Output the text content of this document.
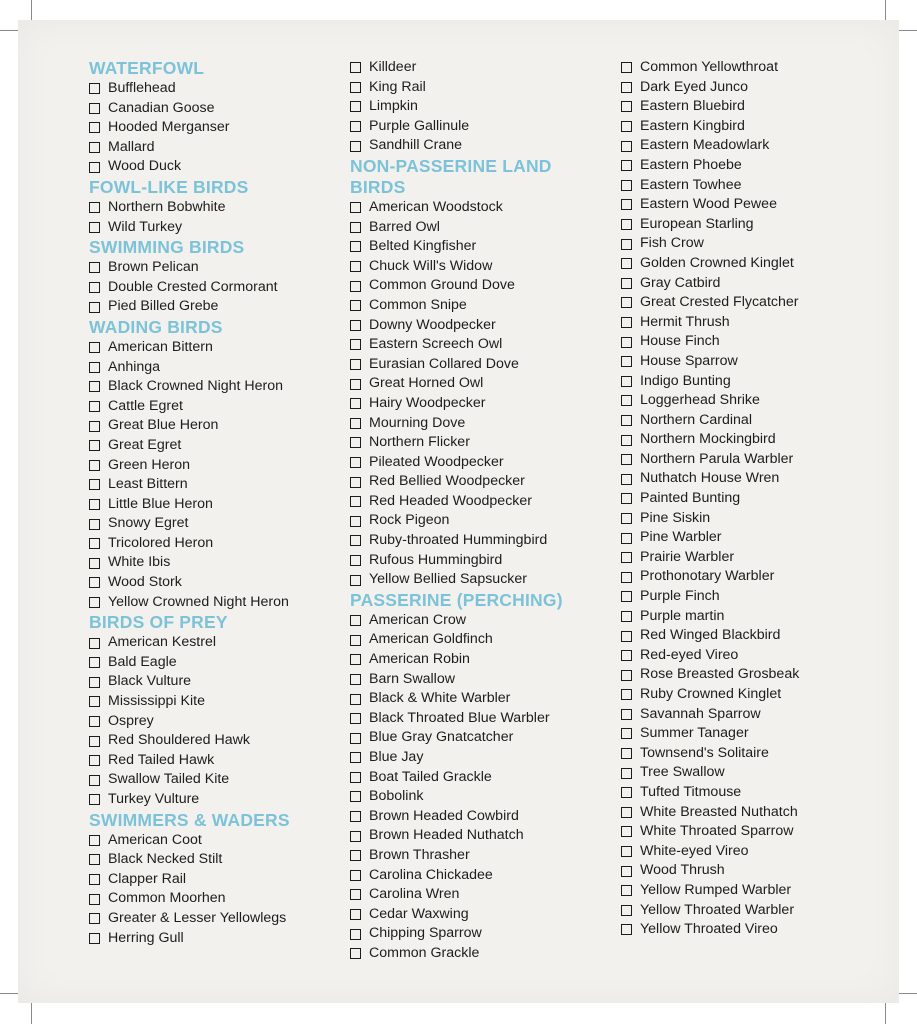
WATERFOWL
Bufflehead
Canadian Goose
Hooded Merganser
Mallard
Wood Duck
FOWL-LIKE BIRDS
Northern Bobwhite
Wild Turkey
SWIMMING BIRDS
Brown Pelican
Double Crested Cormorant
Pied Billed Grebe
WADING BIRDS
American Bittern
Anhinga
Black Crowned Night Heron
Cattle Egret
Great Blue Heron
Great Egret
Green Heron
Least Bittern
Little Blue Heron
Snowy Egret
Tricolored Heron
White Ibis
Wood Stork
Yellow Crowned Night Heron
BIRDS OF PREY
American Kestrel
Bald Eagle
Black Vulture
Mississippi Kite
Osprey
Red Shouldered Hawk
Red Tailed Hawk
Swallow Tailed Kite
Turkey Vulture
SWIMMERS & WADERS
American Coot
Black Necked Stilt
Clapper Rail
Common Moorhen
Greater & Lesser Yellowlegs
Herring Gull
Killdeer
King Rail
Limpkin
Purple Gallinule
Sandhill Crane
NON-PASSERINE LAND BIRDS
American Woodstock
Barred Owl
Belted Kingfisher
Chuck Will's Widow
Common Ground Dove
Common Snipe
Downy Woodpecker
Eastern Screech Owl
Eurasian Collared Dove
Great Horned Owl
Hairy Woodpecker
Mourning Dove
Northern Flicker
Pileated Woodpecker
Red Bellied Woodpecker
Red Headed Woodpecker
Rock Pigeon
Ruby-throated Hummingbird
Rufous Hummingbird
Yellow Bellied Sapsucker
PASSERINE (PERCHING)
American Crow
American Goldfinch
American Robin
Barn Swallow
Black & White Warbler
Black Throated Blue Warbler
Blue Gray Gnatcatcher
Blue Jay
Boat Tailed Grackle
Bobolink
Brown Headed Cowbird
Brown Headed Nuthatch
Brown Thrasher
Carolina Chickadee
Carolina Wren
Cedar Waxwing
Chipping Sparrow
Common Grackle
Common Yellowthroat
Dark Eyed Junco
Eastern Bluebird
Eastern Kingbird
Eastern Meadowlark
Eastern Phoebe
Eastern Towhee
Eastern Wood Pewee
European Starling
Fish Crow
Golden Crowned Kinglet
Gray Catbird
Great Crested Flycatcher
Hermit Thrush
House Finch
House Sparrow
Indigo Bunting
Loggerhead Shrike
Northern Cardinal
Northern Mockingbird
Northern Parula Warbler
Nuthatch House Wren
Painted Bunting
Pine Siskin
Pine Warbler
Prairie Warbler
Prothonotary Warbler
Purple Finch
Purple martin
Red Winged Blackbird
Red-eyed Vireo
Rose Breasted Grosbeak
Ruby Crowned Kinglet
Savannah Sparrow
Summer Tanager
Townsend's Solitaire
Tree Swallow
Tufted Titmouse
White Breasted Nuthatch
White Throated Sparrow
White-eyed Vireo
Wood Thrush
Yellow Rumped Warbler
Yellow Throated Warbler
Yellow Throated Vireo
